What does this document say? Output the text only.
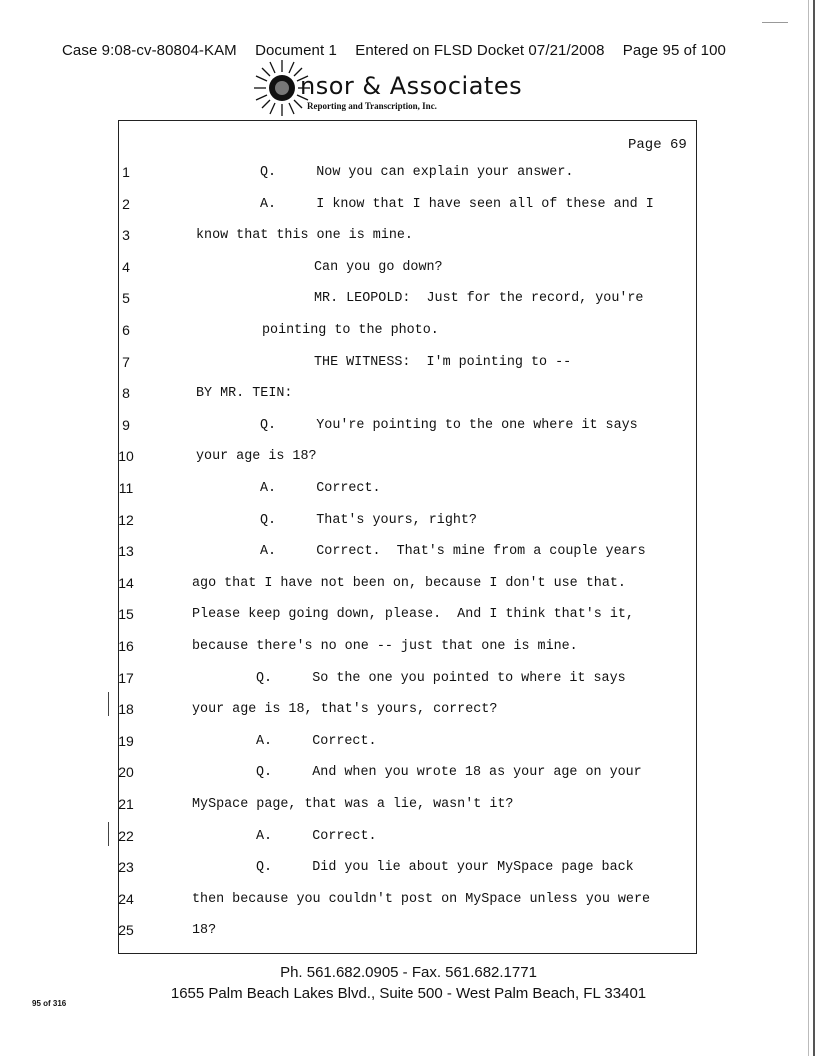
Case 9:08-cv-80804-KAM Document 1 Entered on FLSD Docket 07/21/2008 Page 95 of 100
nsor & Associates
Reporting and Transcription, Inc.
Page 69
1	Q.     Now you can explain your answer.
2	A.     I know that I have seen all of these and I
3	know that this one is mine.
4	Can you go down?
5	MR. LEOPOLD:  Just for the record, you're
6	pointing to the photo.
7	THE WITNESS:  I'm pointing to --
8	BY MR. TEIN:
9	Q.     You're pointing to the one where it says
10	your age is 18?
11	A.     Correct.
12	Q.     That's yours, right?
13	A.     Correct.  That's mine from a couple years
14	ago that I have not been on, because I don't use that.
15	Please keep going down, please.  And I think that's it,
16	because there's no one -- just that one is mine.
17	Q.     So the one you pointed to where it says
18	your age is 18, that's yours, correct?
19	A.     Correct.
20	Q.     And when you wrote 18 as your age on your
21	MySpace page, that was a lie, wasn't it?
22	A.     Correct.
23	Q.     Did you lie about your MySpace page back
24	then because you couldn't post on MySpace unless you were
25	18?
Ph. 561.682.0905 - Fax. 561.682.1771
1655 Palm Beach Lakes Blvd., Suite 500 - West Palm Beach, FL 33401
95 of 316
